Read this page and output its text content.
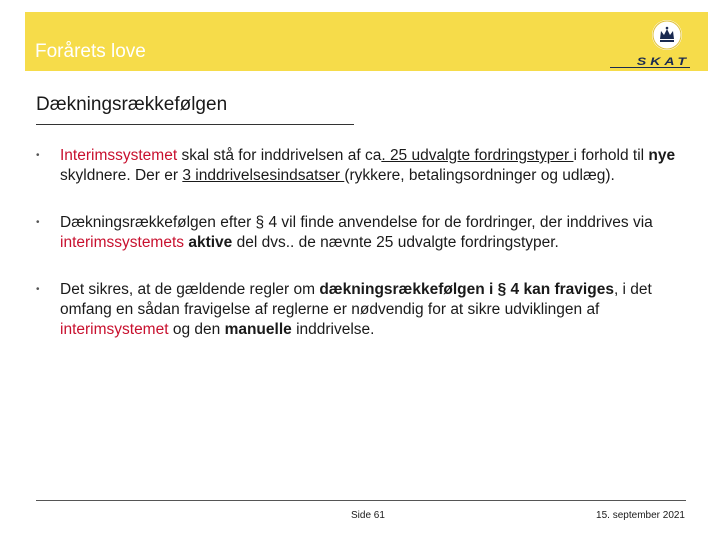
Forårets love	SKAT
Dækningsrækkefølgen
• Interimssystemet skal stå for inddrivelsen af ca. 25 udvalgte fordringstyper i forhold til nye skyldnere. Der er 3 inddrivelsesindsatser (rykkere, betalingsordninger og udlæg).
• Dækningsrækkefølgen efter § 4 vil finde anvendelse for de fordringer, der inddrives via interimssystemets aktive del dvs.. de nævnte 25 udvalgte fordringstyper.
• Det sikres, at de gældende regler om dækningsrækkefølgen i § 4 kan fraviges, i det omfang en sådan fravigelse af reglerne er nødvendig for at sikre udviklingen af interimsystemet og den manuelle inddrivelse.
Side 61	15. september 2021
